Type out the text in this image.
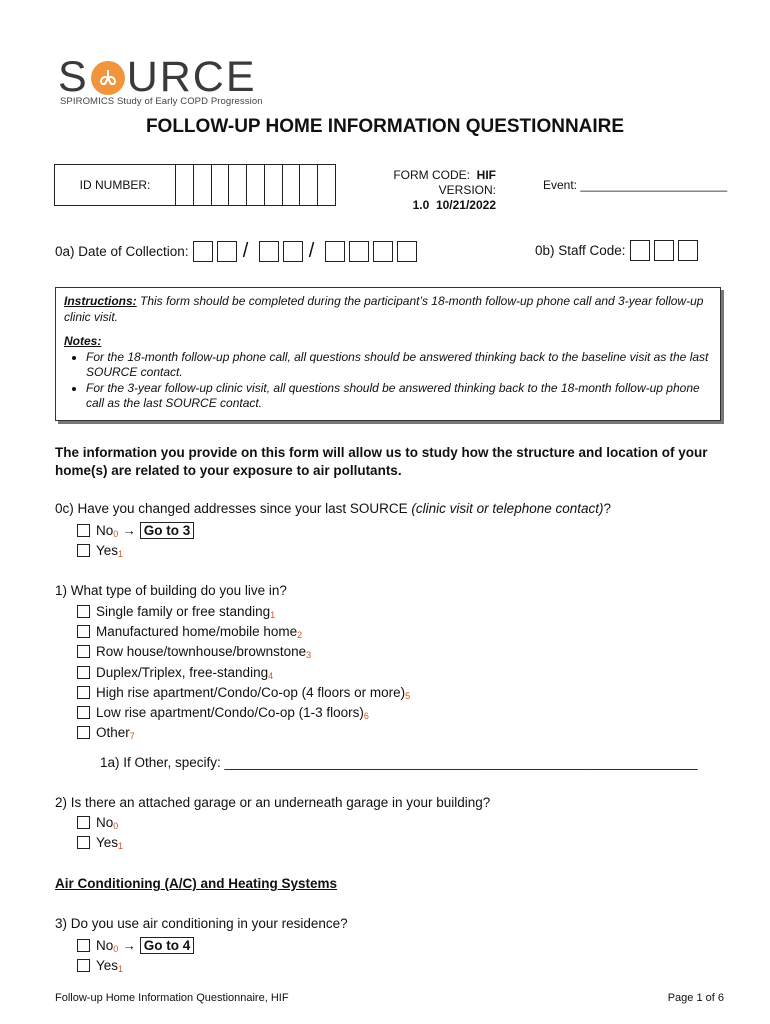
S URCE
SPIROMICS Study of Early COPD Progression
FOLLOW-UP HOME INFORMATION QUESTIONNAIRE
ID NUMBER:
FORM CODE: HIF
VERSION: 1.0 10/21/2022
Event: ______________________
0a) Date of Collection:	/	/	0b) Staff Code:
Instructions: This form should be completed during the participant’s 18-month follow-up phone call and 3-year follow-up clinic visit.
Notes:
• For the 18-month follow-up phone call, all questions should be answered thinking back to the baseline visit as the last SOURCE contact.
• For the 3-year follow-up clinic visit, all questions should be answered thinking back to the 18-month follow-up phone call as the last SOURCE contact.
The information you provide on this form will allow us to study how the structure and location of your home(s) are related to your exposure to air pollutants.
0c) Have you changed addresses since your last SOURCE (clinic visit or telephone contact)?
No 0 → Go to 3
Yes 1
1) What type of building do you live in?
Single family or free standing 1
Manufactured home/mobile home 2
Row house/townhouse/brownstone 3
Duplex/Triplex, free-standing 4
High rise apartment/Condo/Co-op (4 floors or more) 5
Low rise apartment/Condo/Co-op (1-3 floors) 6
Other 7
1a) If Other, specify: _______________________________________________________________
2) Is there an attached garage or an underneath garage in your building?
No 0
Yes 1
Air Conditioning (A/C) and Heating Systems
3) Do you use air conditioning in your residence?
No 0 → Go to 4
Yes 1
Follow-up Home Information Questionnaire, HIF	Page 1 of 6
